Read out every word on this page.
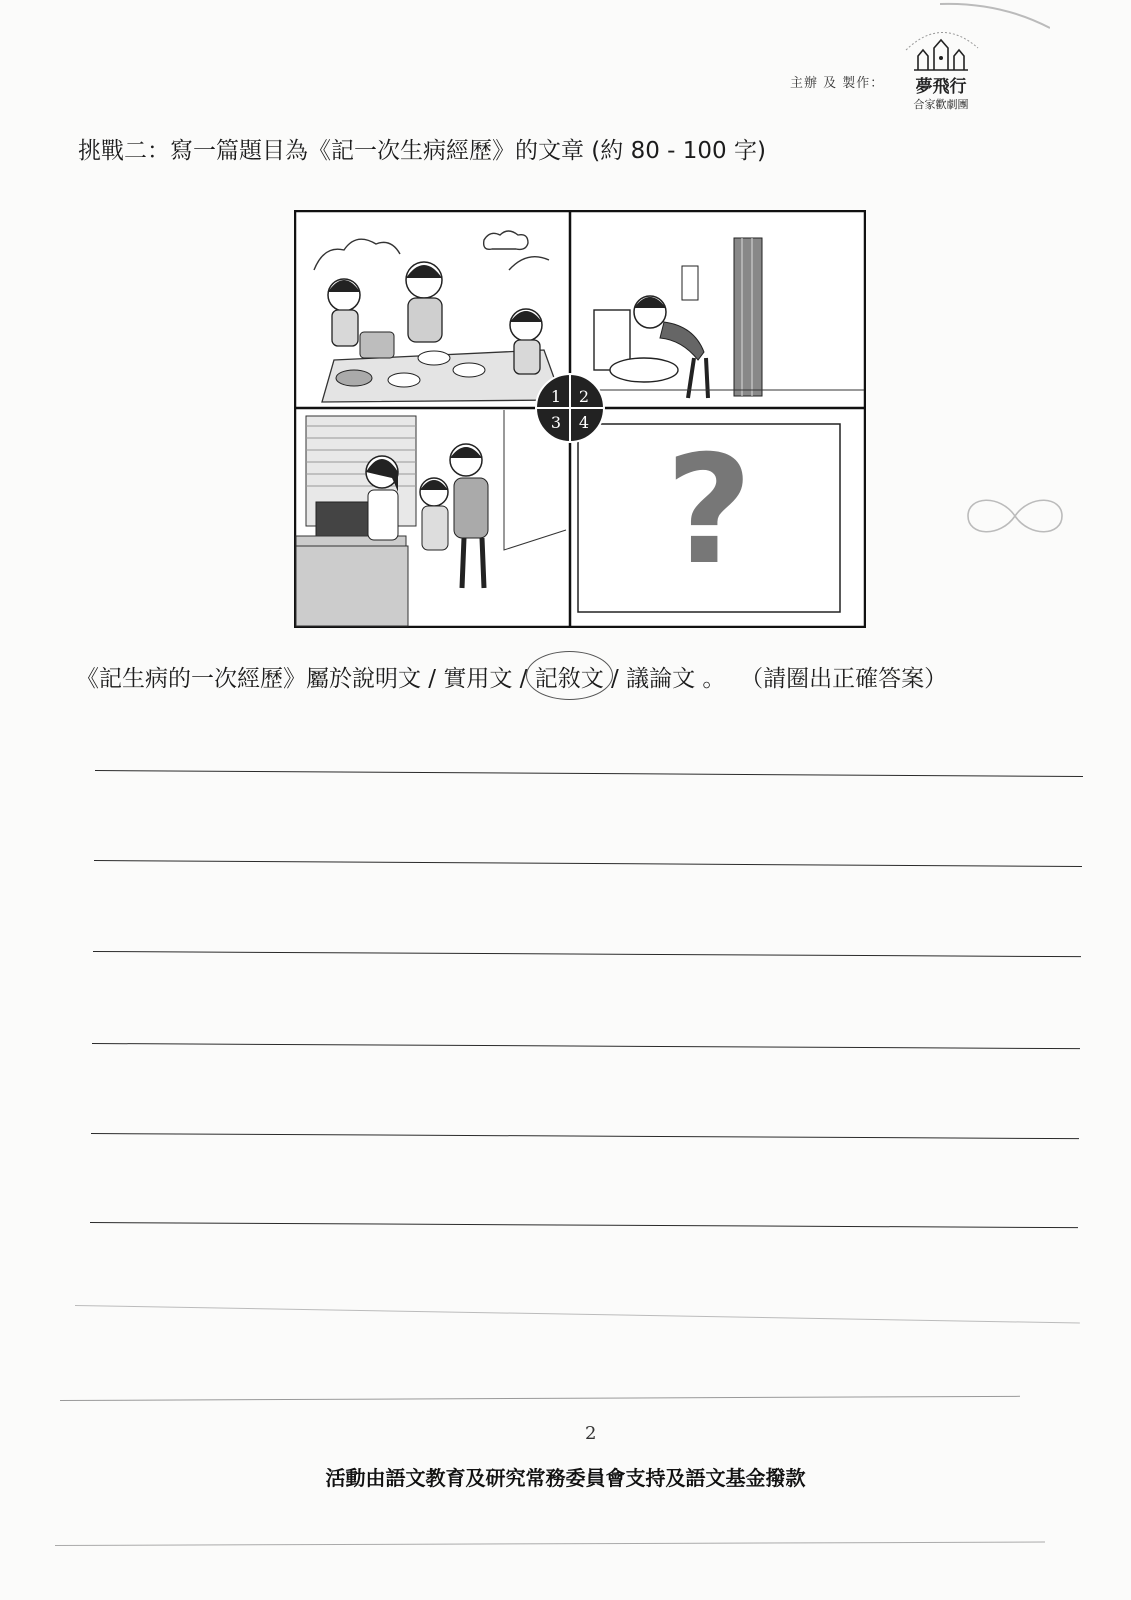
主辦 及 製作： 夢飛行
合家歡劇團
挑戰二：寫一篇題目為《記一次生病經歷》的文章 (約 80 - 100 字)
?
1 2
3 4
《記生病的一次經歷》屬於說明文 / 實用文 / 記敘文 / 議論文 。 （請圈出正確答案）
2
活動由語文教育及研究常務委員會支持及語文基金撥款
